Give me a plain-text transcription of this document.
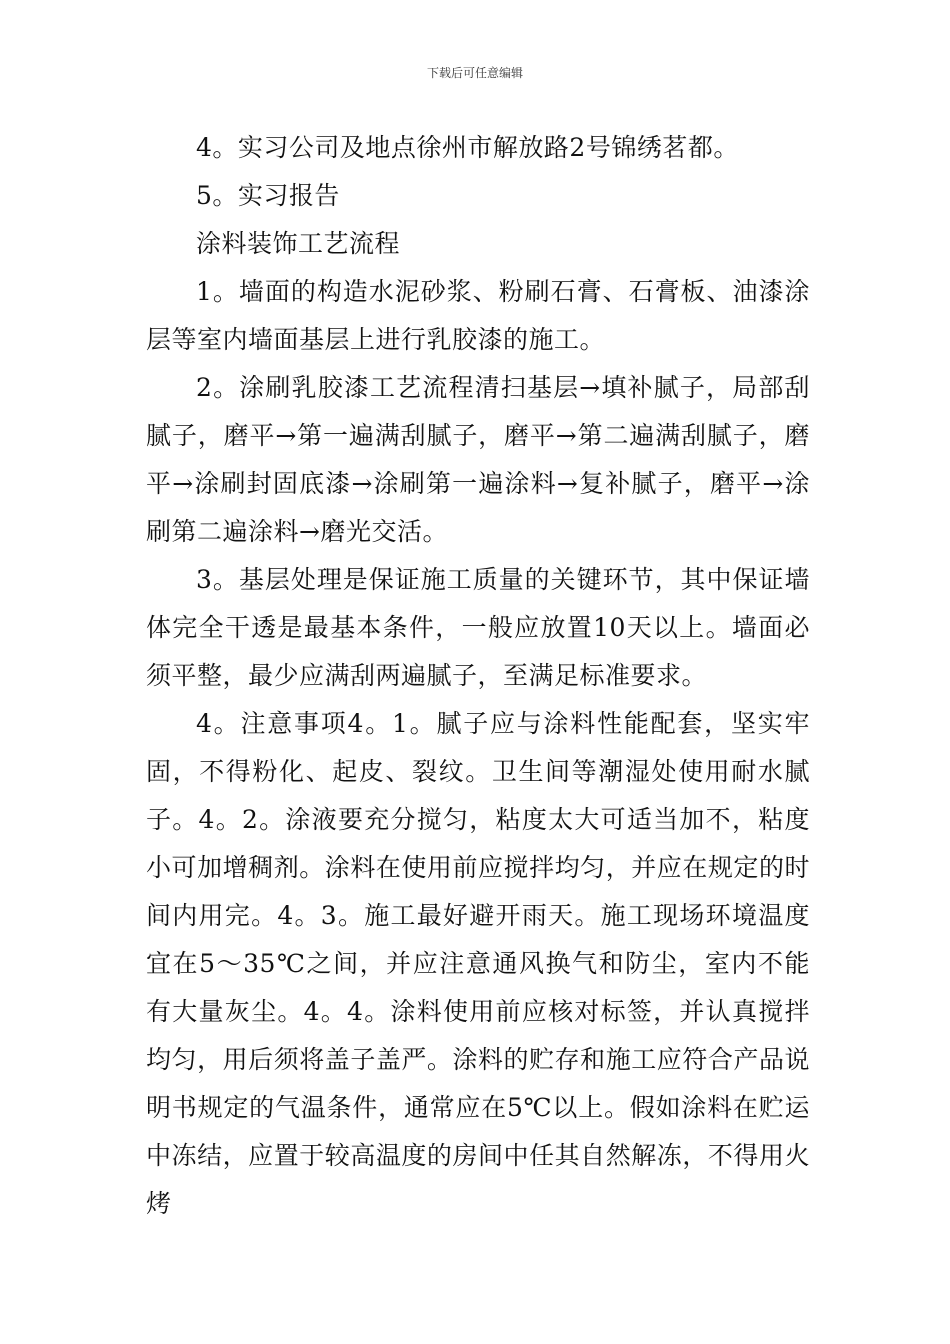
下载后可任意编辑

4。实习公司及地点徐州市解放路2号锦绣茗都。

5。实习报告

涂料装饰工艺流程

1。墙面的构造水泥砂浆、粉刷石膏、石膏板、油漆涂层等室内墙面基层上进行乳胶漆的施工。

2。涂刷乳胶漆工艺流程清扫基层→填补腻子，局部刮腻子，磨平→第一遍满刮腻子，磨平→第二遍满刮腻子，磨平→涂刷封固底漆→涂刷第一遍涂料→复补腻子，磨平→涂刷第二遍涂料→磨光交活。

3。基层处理是保证施工质量的关键环节，其中保证墙体完全干透是最基本条件，一般应放置10天以上。墙面必须平整，最少应满刮两遍腻子，至满足标准要求。

4。注意事项4。1。腻子应与涂料性能配套，坚实牢固，不得粉化、起皮、裂纹。卫生间等潮湿处使用耐水腻子。4。2。涂液要充分搅匀，粘度太大可适当加不，粘度小可加增稠剂。涂料在使用前应搅拌均匀，并应在规定的时间内用完。4。3。施工最好避开雨天。施工现场环境温度宜在5～35℃之间，并应注意通风换气和防尘，室内不能有大量灰尘。4。4。涂料使用前应核对标签，并认真搅拌均匀，用后须将盖子盖严。涂料的贮存和施工应符合产品说明书规定的气温条件，通常应在5℃以上。假如涂料在贮运中冻结，应置于较高温度的房间中任其自然解冻，不得用火烤
